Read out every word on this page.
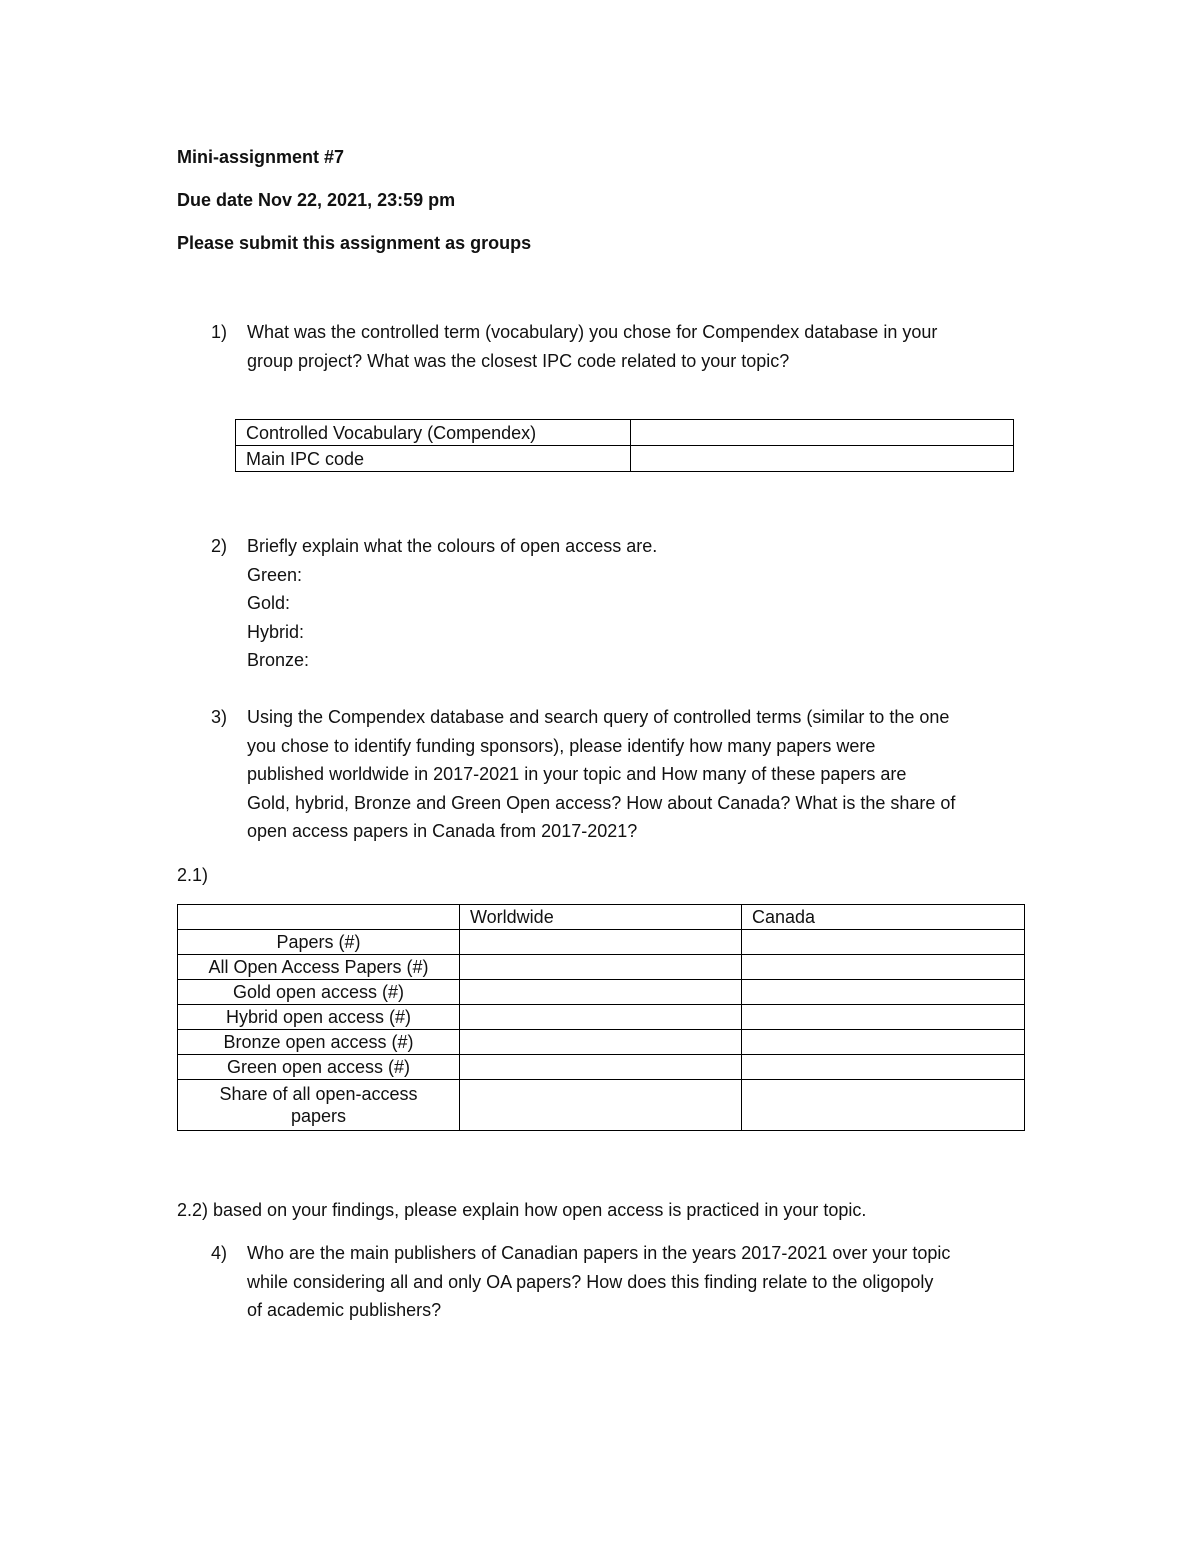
Mini-assignment #7
Due date Nov 22, 2021, 23:59 pm
Please submit this assignment as groups
1)	What was the controlled term (vocabulary) you chose for Compendex database in your
group project? What was the closest IPC code related to your topic?
Controlled Vocabulary (Compendex)	
Main IPC code	
2)	Briefly explain what the colours of open access are.
Green:
Gold:
Hybrid:
Bronze:
3)	Using the Compendex database and search query of controlled terms (similar to the one
you chose to identify funding sponsors), please identify how many papers were
published worldwide in 2017-2021 in your topic and How many of these papers are
Gold, hybrid, Bronze and Green Open access? How about Canada? What is the share of
open access papers in Canada from 2017-2021?
2.1)
	Worldwide	Canada
Papers (#)		
All Open Access Papers (#)		
Gold open access (#)		
Hybrid open access (#)		
Bronze open access (#)		
Green open access (#)		

Share of all open-access
papers		

2.2) based on your findings, please explain how open access is practiced in your topic.
4)	Who are the main publishers of Canadian papers in the years 2017-2021 over your topic
while considering all and only OA papers? How does this finding relate to the oligopoly
of academic publishers?
